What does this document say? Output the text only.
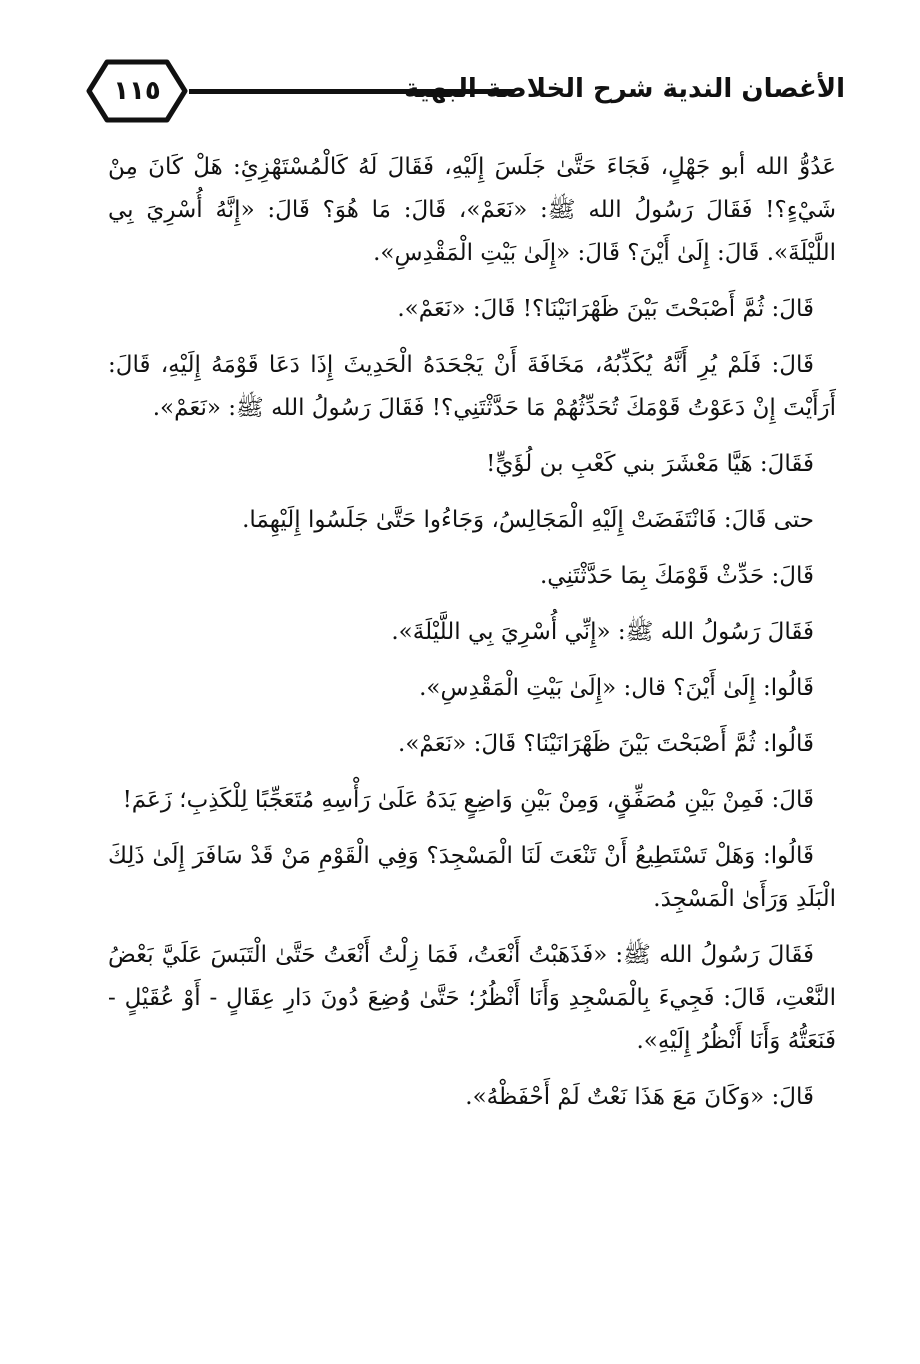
١١٥	الأغصان الندية شرح الخلاصة البهية

عَدُوُّ الله أبو جَهْلٍ، فَجَاءَ حَتَّىٰ جَلَسَ إِلَيْهِ، فَقَالَ لَهُ كَالْمُسْتَهْزِئِ: هَلْ كَانَ مِنْ شَيْءٍ؟! فَقَالَ رَسُولُ الله ﷺ: «نَعَمْ»، قَالَ: مَا هُوَ؟ قَالَ: «إِنَّهُ أُسْرِيَ بِي اللَّيْلَةَ». قَالَ: إِلَىٰ أَيْنَ؟ قَالَ: «إِلَىٰ بَيْتِ الْمَقْدِسِ».

قَالَ: ثُمَّ أَصْبَحْتَ بَيْنَ ظَهْرَانَيْنَا؟! قَالَ: «نَعَمْ».

قَالَ: فَلَمْ يُرِ أَنَّهُ يُكَذِّبُهُ، مَخَافَةَ أَنْ يَجْحَدَهُ الْحَدِيثَ إِذَا دَعَا قَوْمَهُ إِلَيْهِ، قَالَ: أَرَأَيْتَ إِنْ دَعَوْتُ قَوْمَكَ تُحَدِّثُهُمْ مَا حَدَّثْتَنِي؟! فَقَالَ رَسُولُ الله ﷺ: «نَعَمْ».

فَقَالَ: هَيَّا مَعْشَرَ بني كَعْبِ بن لُؤَيٍّ!

حتى قَالَ: فَانْتَفَضَتْ إِلَيْهِ الْمَجَالِسُ، وَجَاءُوا حَتَّىٰ جَلَسُوا إِلَيْهِمَا.

قَالَ: حَدِّثْ قَوْمَكَ بِمَا حَدَّثْتَنِي.

فَقَالَ رَسُولُ الله ﷺ: «إِنِّي أُسْرِيَ بِي اللَّيْلَةَ».

قَالُوا: إِلَىٰ أَيْنَ؟ قال: «إِلَىٰ بَيْتِ الْمَقْدِسِ».

قَالُوا: ثُمَّ أَصْبَحْتَ بَيْنَ ظَهْرَانَيْنَا؟ قَالَ: «نَعَمْ».

قَالَ: فَمِنْ بَيْنِ مُصَفِّقٍ، وَمِنْ بَيْنِ وَاضِعٍ يَدَهُ عَلَىٰ رَأْسِهِ مُتَعَجِّبًا لِلْكَذِبِ؛ زَعَمَ!

قَالُوا: وَهَلْ تَسْتَطِيعُ أَنْ تَنْعَتَ لَنَا الْمَسْجِدَ؟ وَفِي الْقَوْمِ مَنْ قَدْ سَافَرَ إِلَىٰ ذَلِكَ الْبَلَدِ وَرَأَىٰ الْمَسْجِدَ.

فَقَالَ رَسُولُ الله ﷺ: «فَذَهَبْتُ أَنْعَتُ، فَمَا زِلْتُ أَنْعَتُ حَتَّىٰ الْتَبَسَ عَلَيَّ بَعْضُ النَّعْتِ، قَالَ: فَجِيءَ بِالْمَسْجِدِ وَأَنَا أَنْظُرُ؛ حَتَّىٰ وُضِعَ دُونَ دَارِ عِقَالٍ - أَوْ عُقَيْلٍ - فَنَعَتُّهُ وَأَنَا أَنْظُرُ إِلَيْهِ».

قَالَ: «وَكَانَ مَعَ هَذَا نَعْتٌ لَمْ أَحْفَظْهُ».
